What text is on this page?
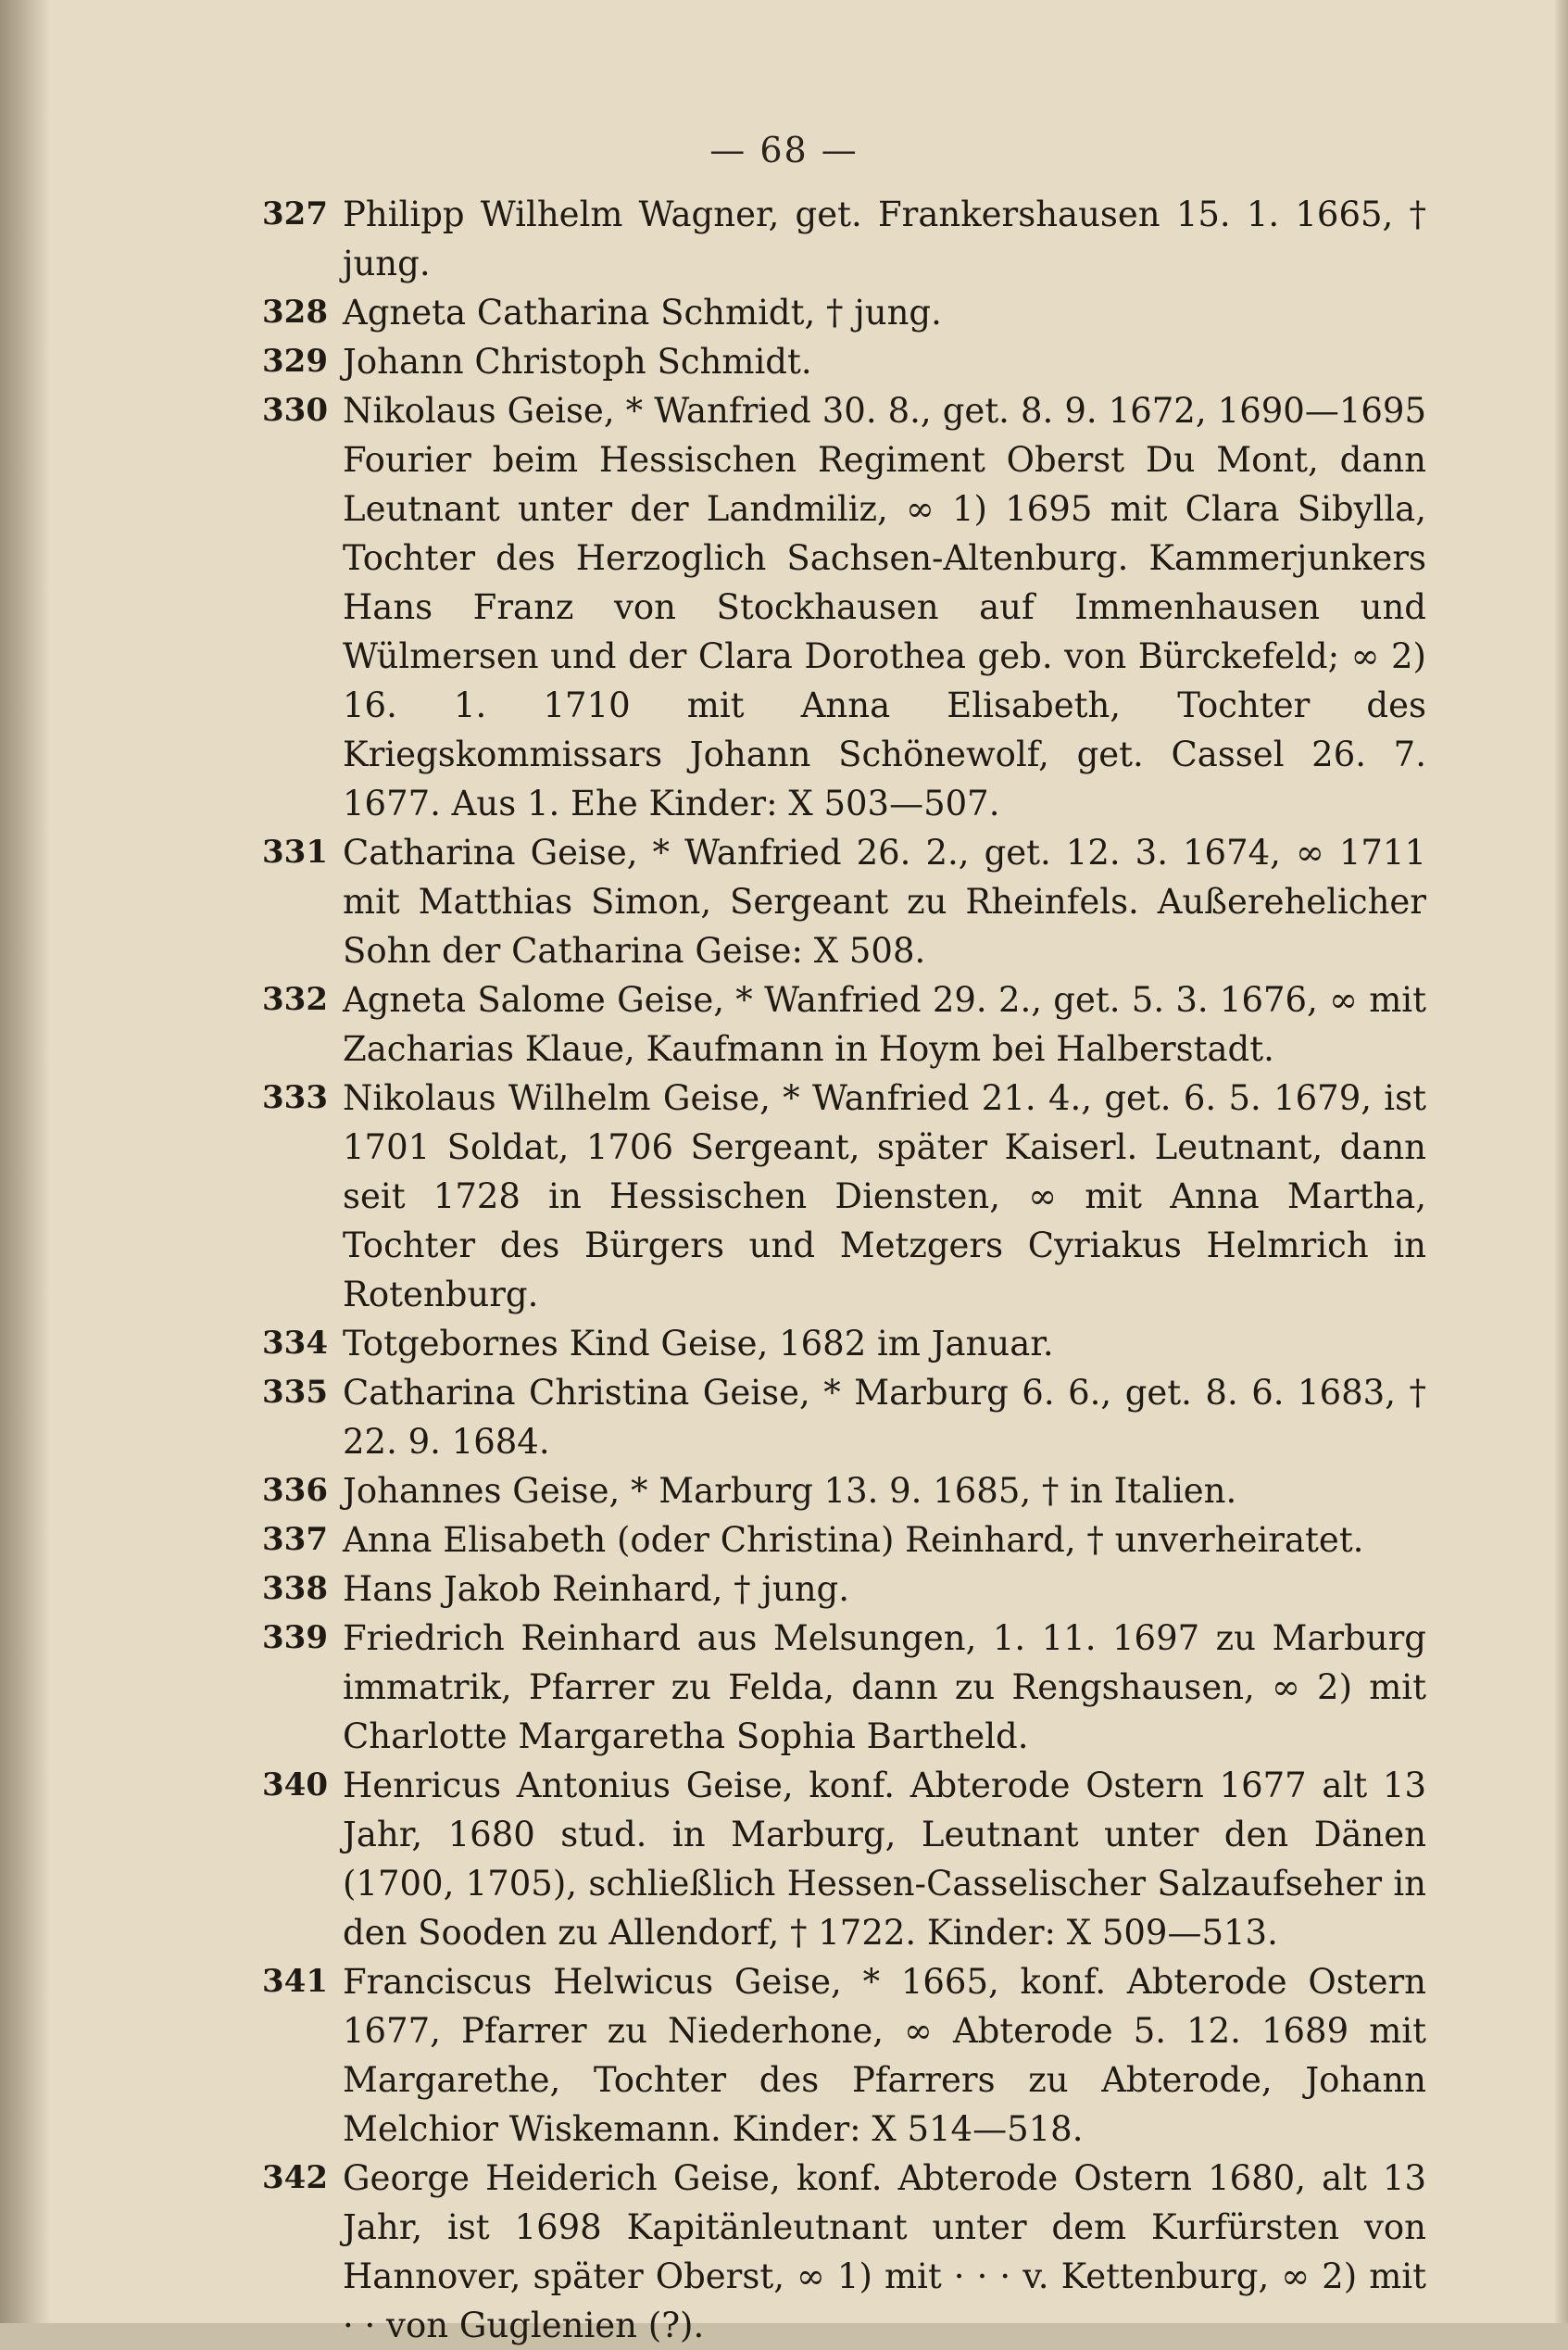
— 68 —

327 Philipp Wilhelm Wagner, get. Frankershausen 15. 1. 1665, † jung.

328 Agneta Catharina Schmidt, † jung.

329 Johann Christoph Schmidt.

330 Nikolaus Geise, * Wanfried 30. 8., get. 8. 9. 1672, 1690—1695 Fourier beim Hessischen Regiment Oberst Du Mont, dann Leutnant unter der Landmiliz, ∞ 1) 1695 mit Clara Sibylla, Tochter des Herzoglich Sachsen-Altenburg. Kammerjunkers Hans Franz von Stockhausen auf Immenhausen und Wülmersen und der Clara Dorothea geb. von Bürckefeld; ∞ 2) 16. 1. 1710 mit Anna Elisabeth, Tochter des Kriegskommissars Johann Schönewolf, get. Cassel 26. 7. 1677. Aus 1. Ehe Kinder: X 503—507.

331 Catharina Geise, * Wanfried 26. 2., get. 12. 3. 1674, ∞ 1711 mit Matthias Simon, Sergeant zu Rheinfels. Außerehelicher Sohn der Catharina Geise: X 508.

332 Agneta Salome Geise, * Wanfried 29. 2., get. 5. 3. 1676, ∞ mit Zacharias Klaue, Kaufmann in Hoym bei Halberstadt.

333 Nikolaus Wilhelm Geise, * Wanfried 21. 4., get. 6. 5. 1679, ist 1701 Soldat, 1706 Sergeant, später Kaiserl. Leutnant, dann seit 1728 in Hessischen Diensten, ∞ mit Anna Martha, Tochter des Bürgers und Metzgers Cyriakus Helmrich in Rotenburg.

334 Totgebornes Kind Geise, 1682 im Januar.

335 Catharina Christina Geise, * Marburg 6. 6., get. 8. 6. 1683, † 22. 9. 1684.

336 Johannes Geise, * Marburg 13. 9. 1685, † in Italien.

337 Anna Elisabeth (oder Christina) Reinhard, † unverheiratet.

338 Hans Jakob Reinhard, † jung.

339 Friedrich Reinhard aus Melsungen, 1. 11. 1697 zu Marburg immatrik, Pfarrer zu Felda, dann zu Rengshausen, ∞ 2) mit Charlotte Margaretha Sophia Bartheld.

340 Henricus Antonius Geise, konf. Abterode Ostern 1677 alt 13 Jahr, 1680 stud. in Marburg, Leutnant unter den Dänen (1700, 1705), schließlich Hessen-Casselischer Salzaufseher in den Sooden zu Allendorf, † 1722. Kinder: X 509—513.

341 Franciscus Helwicus Geise, * 1665, konf. Abterode Ostern 1677, Pfarrer zu Niederhone, ∞ Abterode 5. 12. 1689 mit Margarethe, Tochter des Pfarrers zu Abterode, Johann Melchior Wiskemann. Kinder: X 514—518.

342 George Heiderich Geise, konf. Abterode Ostern 1680, alt 13 Jahr, ist 1698 Kapitänleutnant unter dem Kurfürsten von Hannover, später Oberst, ∞ 1) mit · · · v. Kettenburg, ∞ 2) mit · · von Guglenien (?).
